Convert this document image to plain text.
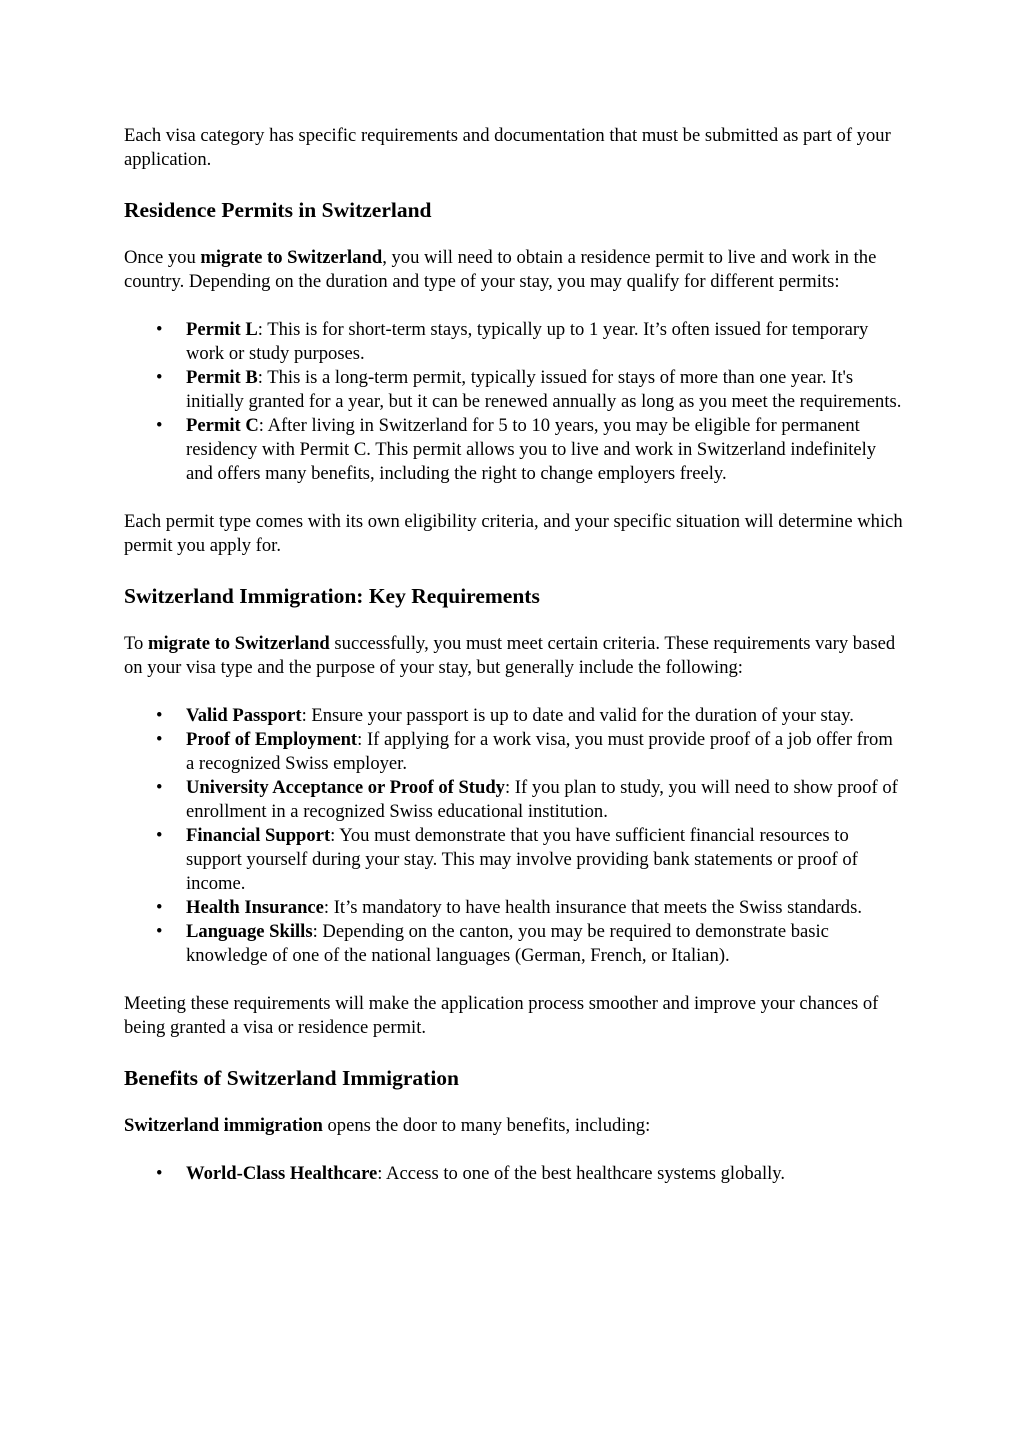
Each visa category has specific requirements and documentation that must be submitted as part of your application.

Residence Permits in Switzerland

Once you migrate to Switzerland, you will need to obtain a residence permit to live and work in the country. Depending on the duration and type of your stay, you may qualify for different permits:

• Permit L: This is for short-term stays, typically up to 1 year. It’s often issued for temporary work or study purposes.
• Permit B: This is a long-term permit, typically issued for stays of more than one year. It's initially granted for a year, but it can be renewed annually as long as you meet the requirements.
• Permit C: After living in Switzerland for 5 to 10 years, you may be eligible for permanent residency with Permit C. This permit allows you to live and work in Switzerland indefinitely and offers many benefits, including the right to change employers freely.

Each permit type comes with its own eligibility criteria, and your specific situation will determine which permit you apply for.

Switzerland Immigration: Key Requirements

To migrate to Switzerland successfully, you must meet certain criteria. These requirements vary based on your visa type and the purpose of your stay, but generally include the following:

• Valid Passport: Ensure your passport is up to date and valid for the duration of your stay.
• Proof of Employment: If applying for a work visa, you must provide proof of a job offer from a recognized Swiss employer.
• University Acceptance or Proof of Study: If you plan to study, you will need to show proof of enrollment in a recognized Swiss educational institution.
• Financial Support: You must demonstrate that you have sufficient financial resources to support yourself during your stay. This may involve providing bank statements or proof of income.
• Health Insurance: It’s mandatory to have health insurance that meets the Swiss standards.
• Language Skills: Depending on the canton, you may be required to demonstrate basic knowledge of one of the national languages (German, French, or Italian).

Meeting these requirements will make the application process smoother and improve your chances of being granted a visa or residence permit.

Benefits of Switzerland Immigration

Switzerland immigration opens the door to many benefits, including:

• World-Class Healthcare: Access to one of the best healthcare systems globally.
